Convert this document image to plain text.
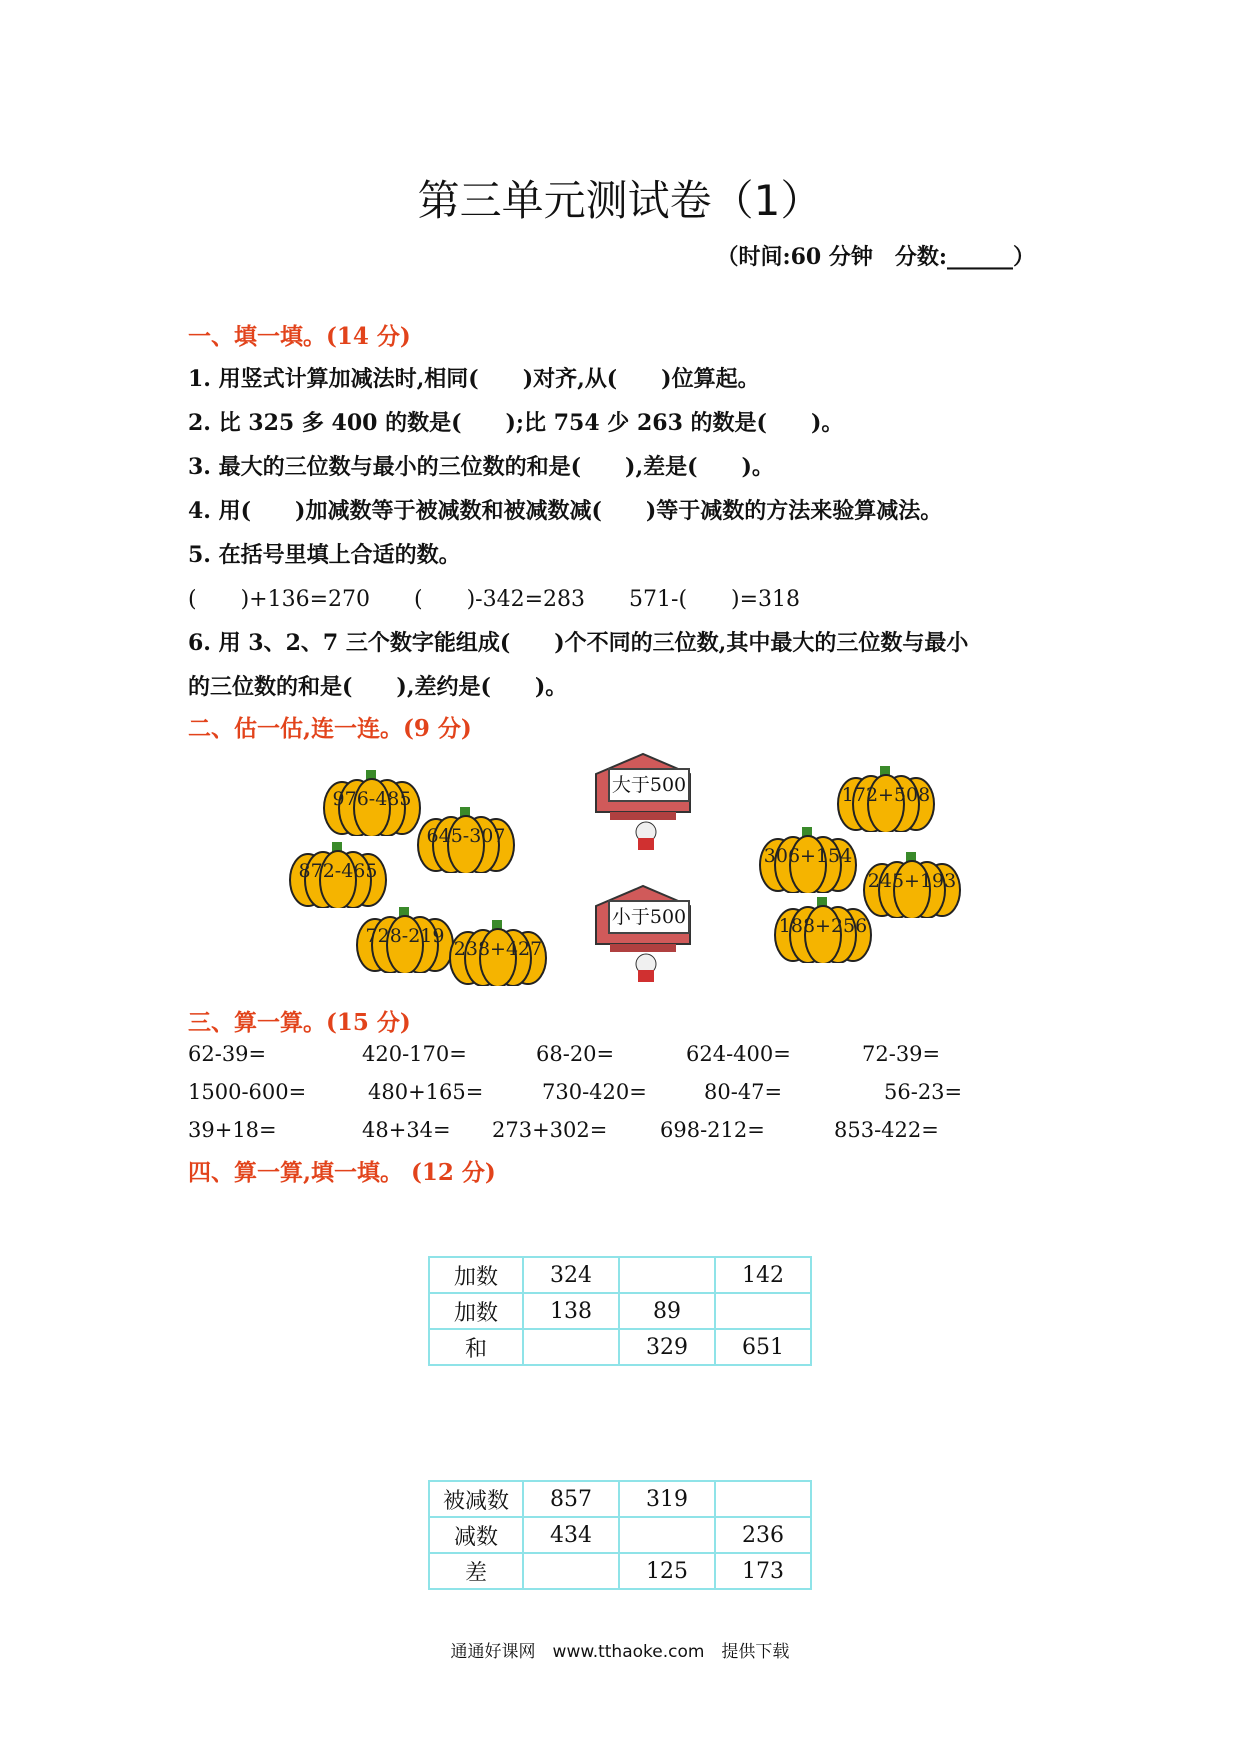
第三单元测试卷（1）
（时间:60 分钟　分数:______）
一、填一填。(14 分)
1. 用竖式计算加减法时,相同(　　)对齐,从(　　)位算起。
2. 比 325 多 400 的数是(　　);比 754 少 263 的数是(　　)。
3. 最大的三位数与最小的三位数的和是(　　),差是(　　)。
4. 用(　　)加减数等于被减数和被减数减(　　)等于减数的方法来验算减法。
5. 在括号里填上合适的数。
(　　)+136=270　　(　　)-342=283　　571-(　　)=318
6. 用 3、2、7 三个数字能组成(　　)个不同的三位数,其中最大的三位数与最小
的三位数的和是(　　),差约是(　　)。
二、估一估,连一连。(9 分)
976-485
645-307
872-465
728-219
238+427
大于500
小于500
172+508
306+154
245+193
188+256
三、算一算。(15 分)
62-39=	420-170=	68-20=	624-400=	72-39=
1500-600=	480+165=	730-420=	80-47=	56-23=
39+18=	48+34= 273+302=	698-212=	853-422=
四、算一算,填一填。 (12 分)
加数	324		142
加数	138	89	
和		329	651
被减数	857	319	
减数	434		236
差		125	173
通通好课网　www.tthaoke.com　提供下载
